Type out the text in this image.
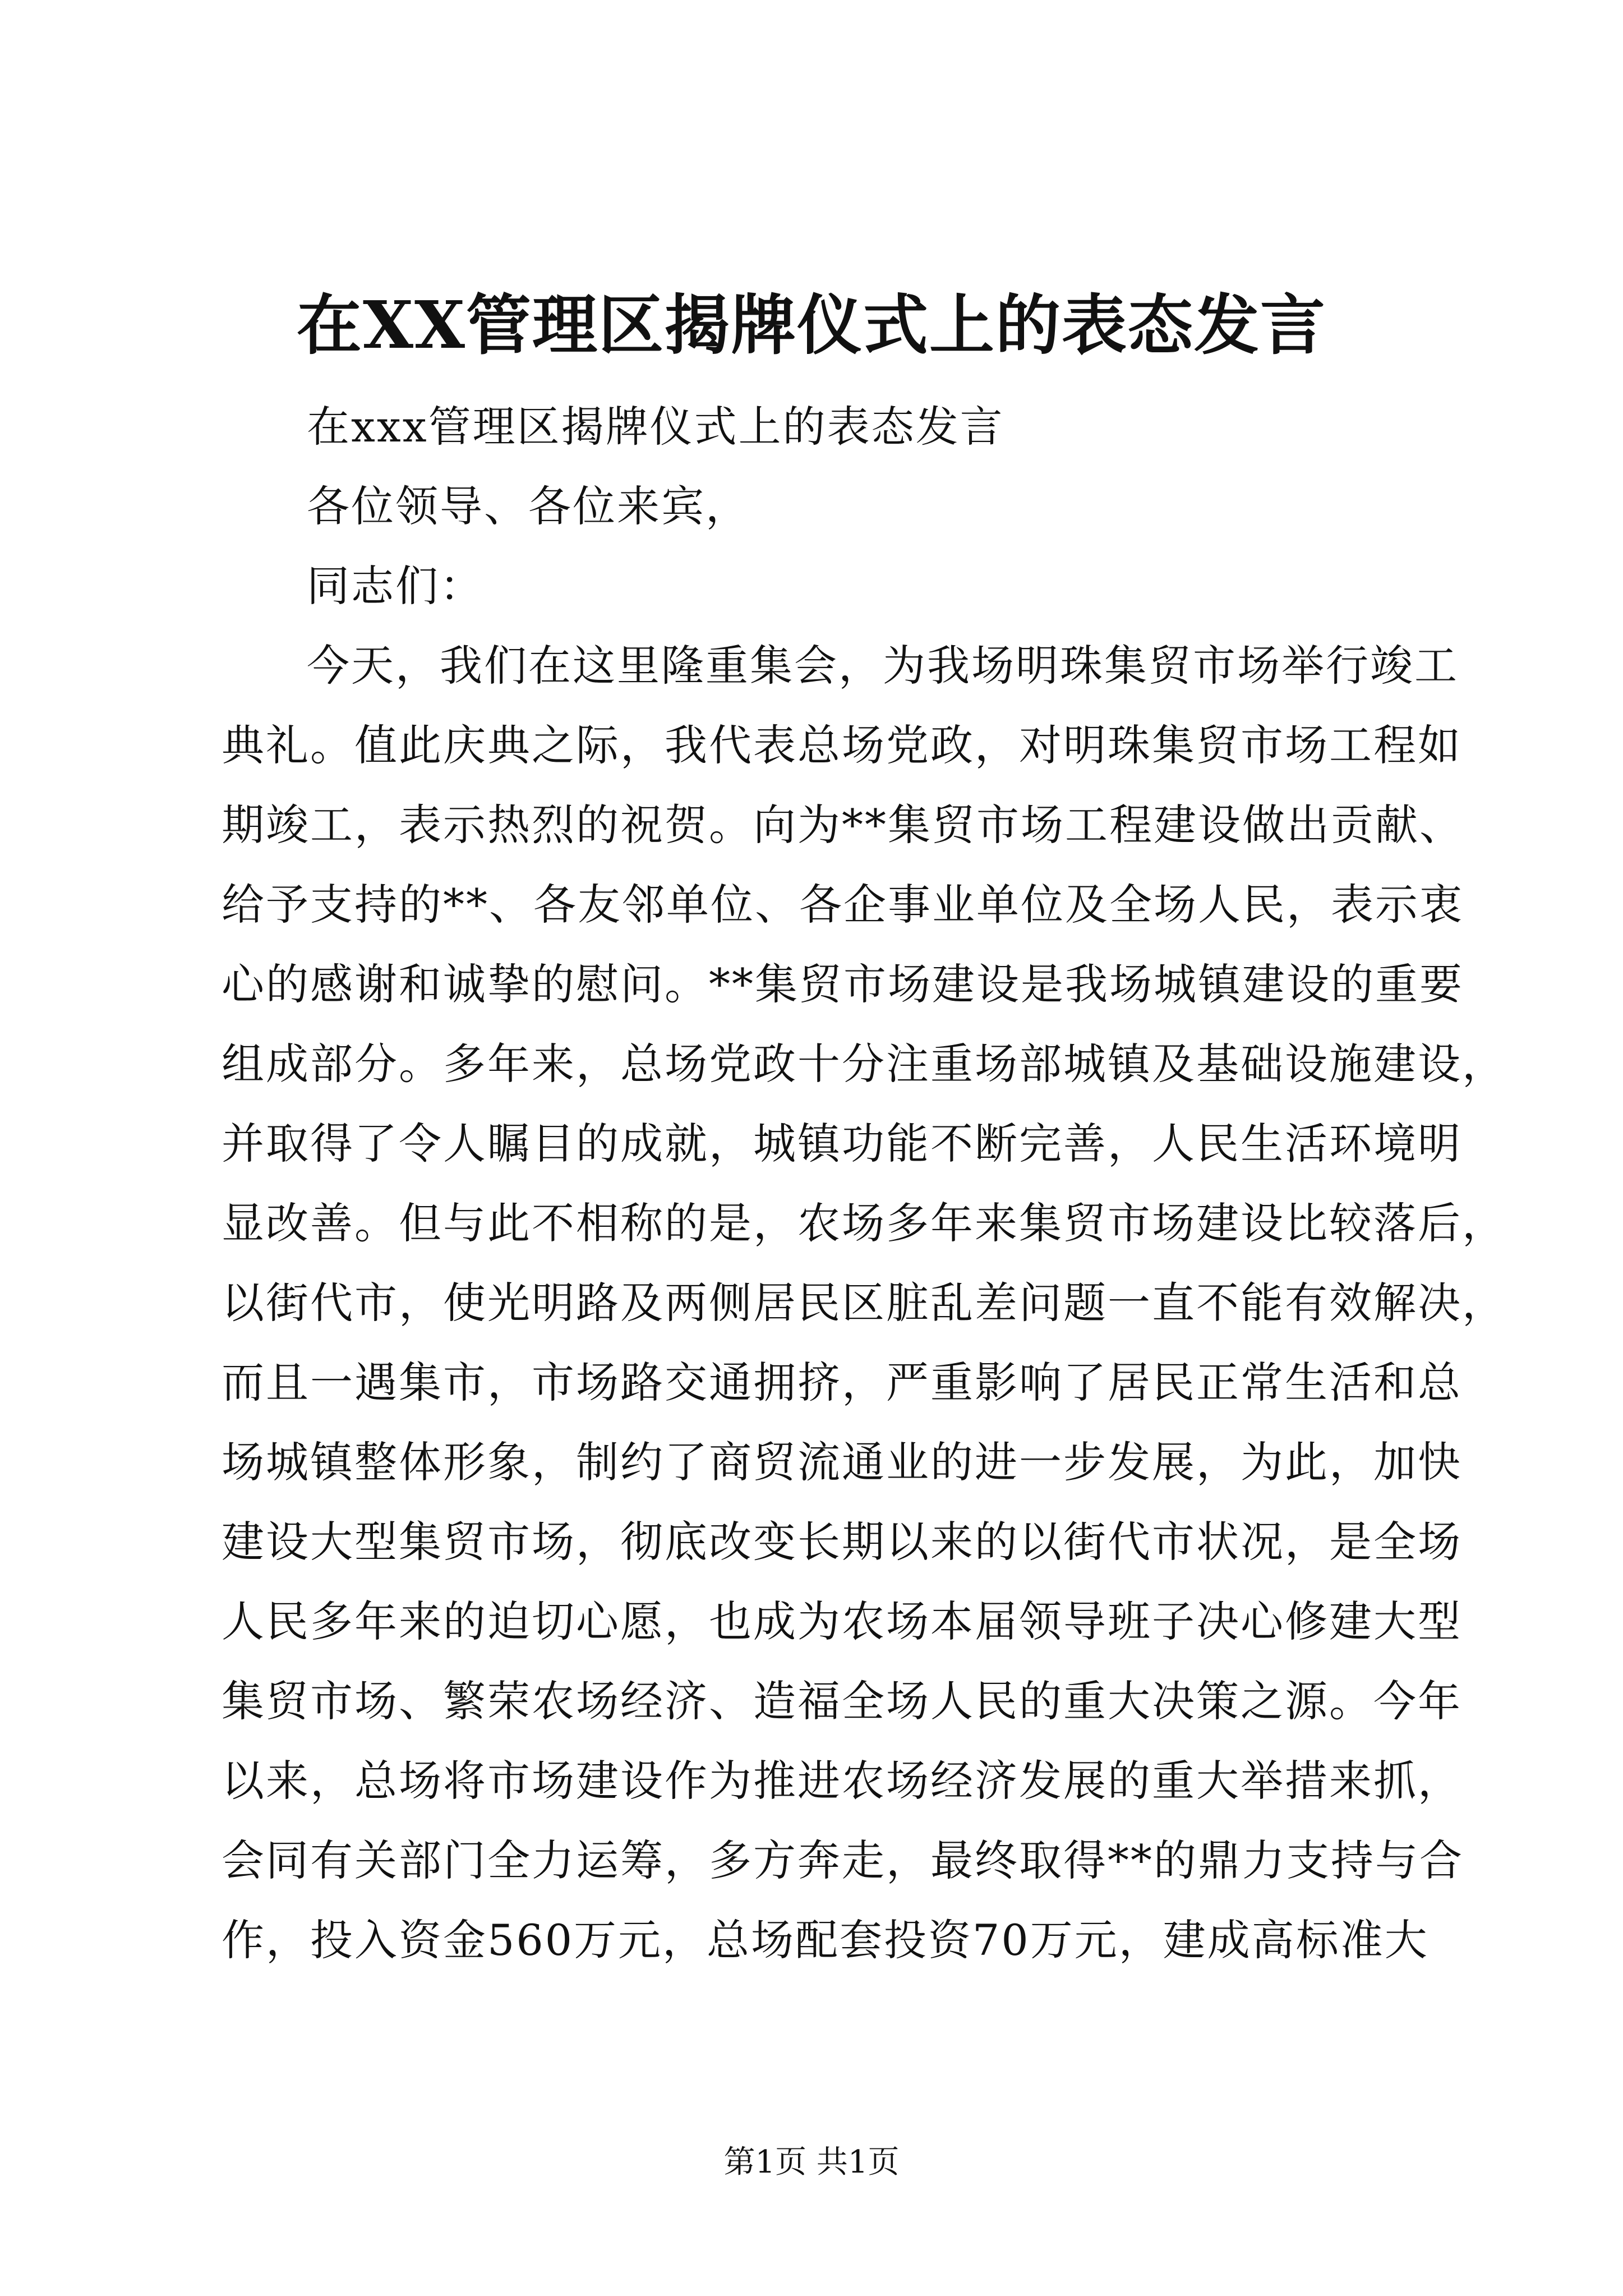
在XX管理区揭牌仪式上的表态发言
在xxx管理区揭牌仪式上的表态发言
各位领导、各位来宾，
同志们：
今天，我们在这里隆重集会，为我场明珠集贸市场举行竣工
典礼。值此庆典之际，我代表总场党政，对明珠集贸市场工程如
期竣工，表示热烈的祝贺。向为**集贸市场工程建设做出贡献、
给予支持的**、各友邻单位、各企事业单位及全场人民，表示衷
心的感谢和诚挚的慰问。**集贸市场建设是我场城镇建设的重要
组成部分。多年来，总场党政十分注重场部城镇及基础设施建设，
并取得了令人瞩目的成就，城镇功能不断完善，人民生活环境明
显改善。但与此不相称的是，农场多年来集贸市场建设比较落后，
以街代市，使光明路及两侧居民区脏乱差问题一直不能有效解决，
而且一遇集市，市场路交通拥挤，严重影响了居民正常生活和总
场城镇整体形象，制约了商贸流通业的进一步发展，为此，加快
建设大型集贸市场，彻底改变长期以来的以街代市状况，是全场
人民多年来的迫切心愿，也成为农场本届领导班子决心修建大型
集贸市场、繁荣农场经济、造福全场人民的重大决策之源。今年
以来，总场将市场建设作为推进农场经济发展的重大举措来抓，
会同有关部门全力运筹，多方奔走，最终取得**的鼎力支持与合
作，投入资金560万元，总场配套投资70万元，建成高标准大
第1页 共1页
